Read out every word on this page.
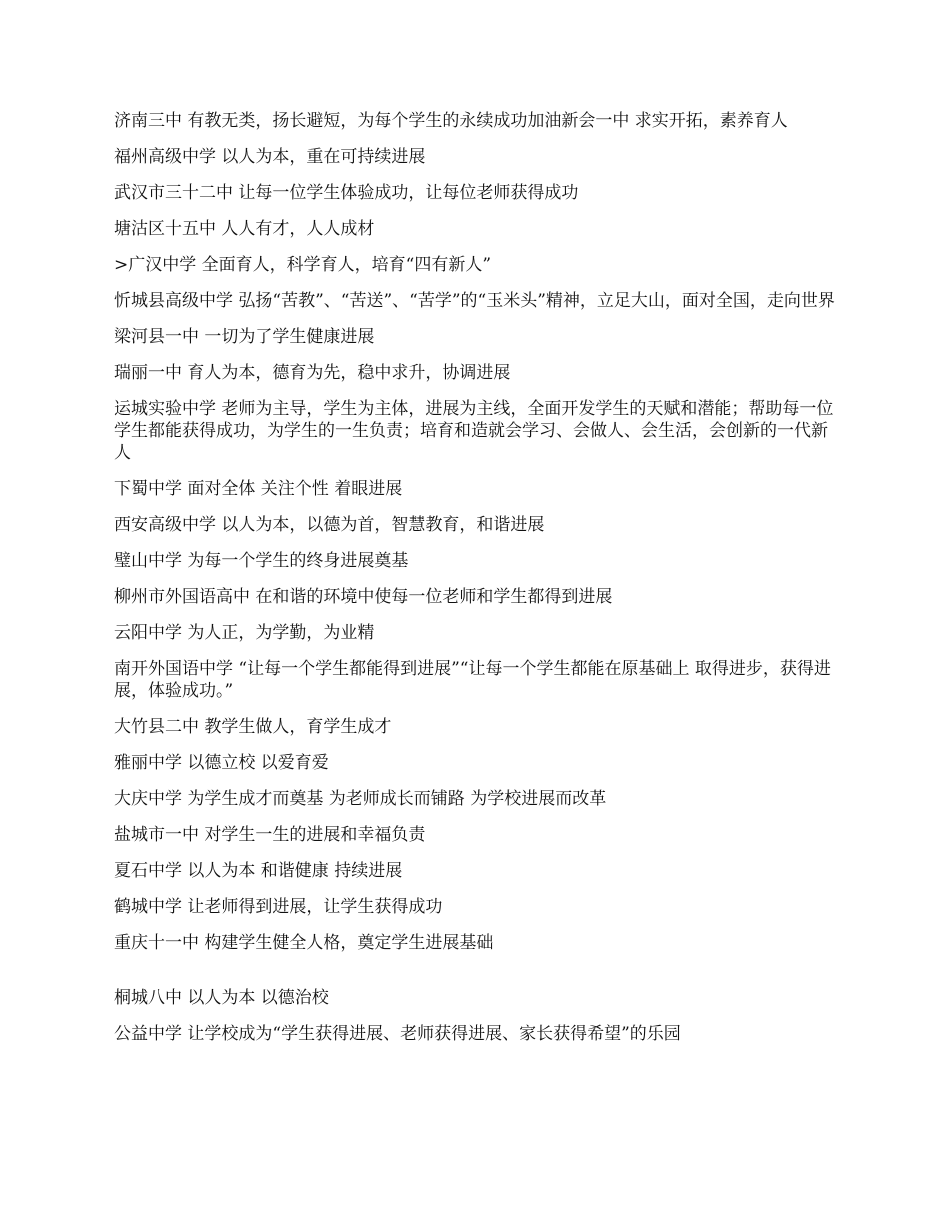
济南三中 有教无类，扬长避短，为每个学生的永续成功加油新会一中 求实开拓，素养育人

福州高级中学 以人为本，重在可持续进展

武汉市三十二中 让每一位学生体验成功，让每位老师获得成功

塘沽区十五中 人人有才，人人成材

>广汉中学 全面育人，科学育人，培育“四有新人”

忻城县高级中学 弘扬“苦教”、“苦送”、“苦学”的“玉米头”精神，立足大山，面对全国，走向世界

梁河县一中 一切为了学生健康进展

瑞丽一中 育人为本，德育为先，稳中求升，协调进展

运城实验中学 老师为主导，学生为主体，进展为主线，全面开发学生的天赋和潜能；帮助每一位学生都能获得成功，为学生的一生负责；培育和造就会学习、会做人、会生活，会创新的一代新人

下蜀中学 面对全体 关注个性 着眼进展

西安高级中学 以人为本，以德为首，智慧教育，和谐进展

璧山中学 为每一个学生的终身进展奠基

柳州市外国语高中 在和谐的环境中使每一位老师和学生都得到进展

云阳中学 为人正，为学勤，为业精

南开外国语中学 “让每一个学生都能得到进展”“让每一个学生都能在原基础上 取得进步，获得进展，体验成功。”

大竹县二中 教学生做人，育学生成才

雅丽中学 以德立校 以爱育爱

大庆中学 为学生成才而奠基 为老师成长而铺路 为学校进展而改革

盐城市一中 对学生一生的进展和幸福负责

夏石中学 以人为本 和谐健康 持续进展

鹤城中学 让老师得到进展，让学生获得成功

重庆十一中 构建学生健全人格，奠定学生进展基础

桐城八中 以人为本 以德治校

公益中学 让学校成为“学生获得进展、老师获得进展、家长获得希望”的乐园
